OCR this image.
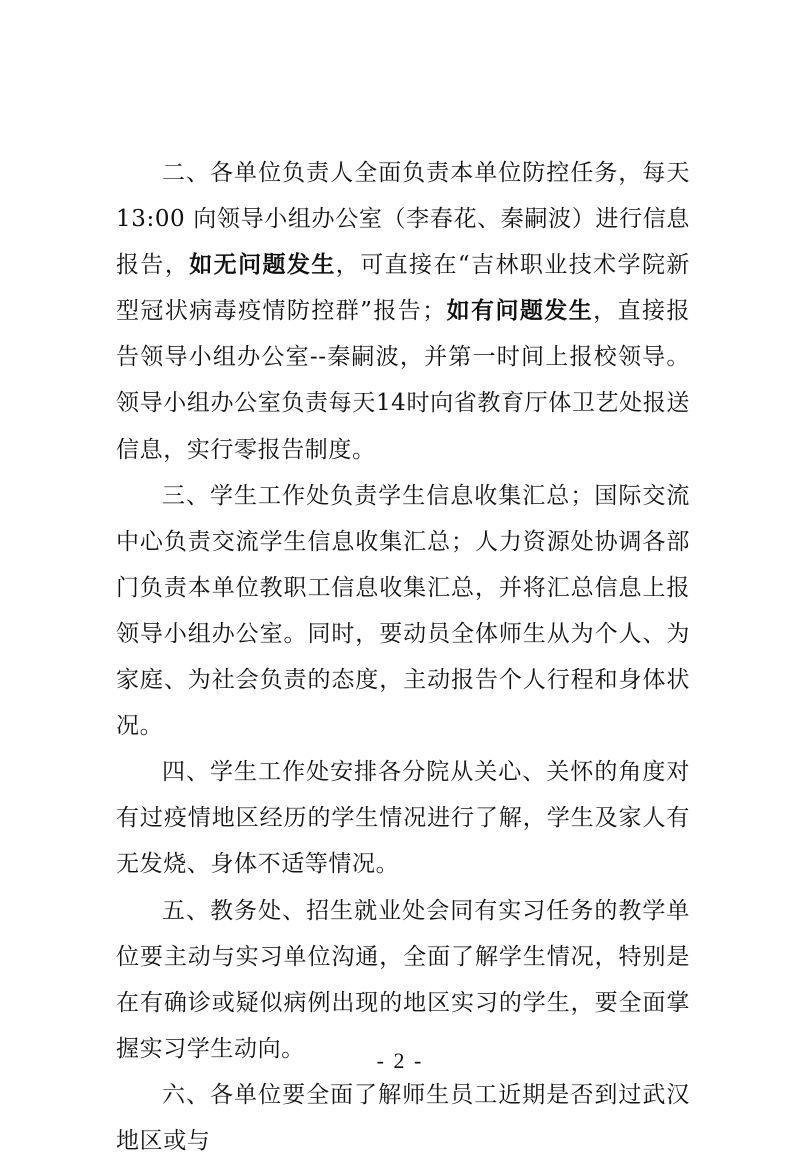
二、各单位负责人全面负责本单位防控任务，每天13:00 向领导小组办公室（李春花、秦嗣波）进行信息报告，如无问题发生，可直接在“吉林职业技术学院新型冠状病毒疫情防控群”报告；如有问题发生，直接报告领导小组办公室--秦嗣波，并第一时间上报校领导。领导小组办公室负责每天14时向省教育厅体卫艺处报送信息，实行零报告制度。

三、学生工作处负责学生信息收集汇总；国际交流中心负责交流学生信息收集汇总；人力资源处协调各部门负责本单位教职工信息收集汇总，并将汇总信息上报领导小组办公室。同时，要动员全体师生从为个人、为家庭、为社会负责的态度，主动报告个人行程和身体状况。

四、学生工作处安排各分院从关心、关怀的角度对有过疫情地区经历的学生情况进行了解，学生及家人有无发烧、身体不适等情况。

五、教务处、招生就业处会同有实习任务的教学单位要主动与实习单位沟通，全面了解学生情况，特别是在有确诊或疑似病例出现的地区实习的学生，要全面掌握实习学生动向。

六、各单位要全面了解师生员工近期是否到过武汉地区或与

- 2 -
